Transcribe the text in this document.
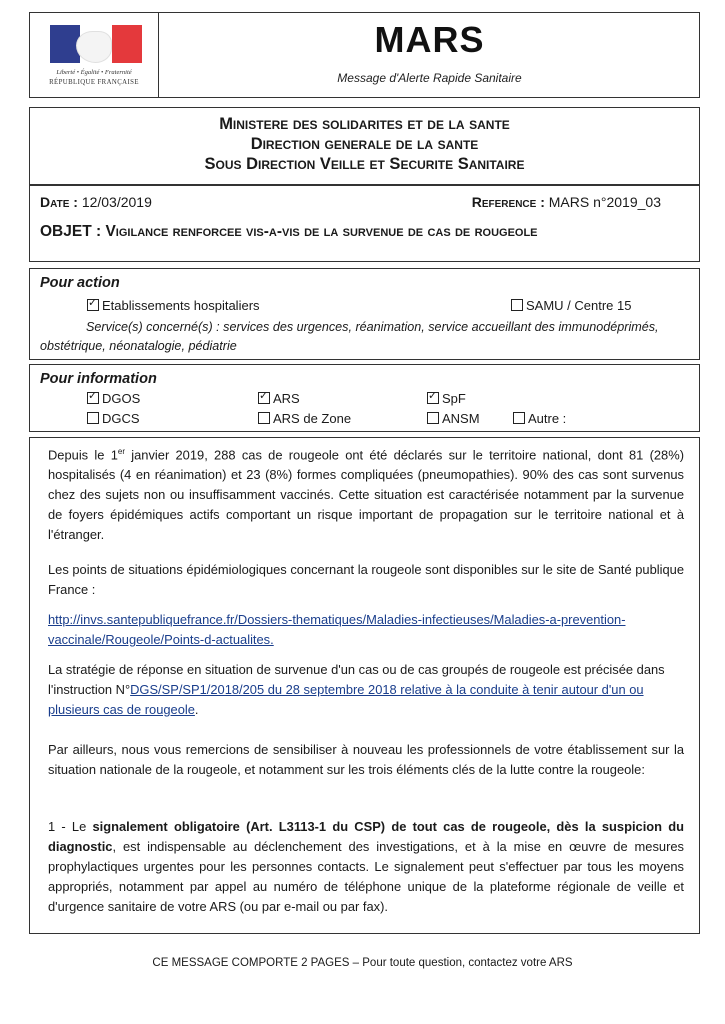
Liberté • Égalité • Fraternité
RÉPUBLIQUE FRANÇAISE
MARS
Message d'Alerte Rapide Sanitaire
Ministere des solidarites et de la sante
Direction generale de la sante
Sous Direction Veille et Securite Sanitaire
Date : 12/03/2019	Reference : MARS n°2019_03
OBJET : Vigilance renforcee vis-a-vis de la survenue de cas de rougeole
Pour action
✓Etablissements hospitaliers	SAMU / Centre 15
Service(s) concerné(s) : services des urgences, réanimation, service accueillant des immunodéprimés, obstétrique, néonatalogie, pédiatrie
Pour information
✓DGOS ✓	ARS ✓	SpF
DGCS	ARS de Zone	ANSM	Autre :
Depuis le 1er janvier 2019, 288 cas de rougeole ont été déclarés sur le territoire national, dont 81 (28%) hospitalisés (4 en réanimation) et 23 (8%) formes compliquées (pneumopathies). 90% des cas sont survenus chez des sujets non ou insuffisamment vaccinés. Cette situation est caractérisée notamment par la survenue de foyers épidémiques actifs comportant un risque important de propagation sur le territoire national et à l'étranger.
Les points de situations épidémiologiques concernant la rougeole sont disponibles sur le site de Santé publique France :
http://invs.santepubliquefrance.fr/Dossiers-thematiques/Maladies-infectieuses/Maladies-a-prevention-vaccinale/Rougeole/Points-d-actualites.
La stratégie de réponse en situation de survenue d'un cas ou de cas groupés de rougeole est précisée dans l'instruction N°DGS/SP/SP1/2018/205 du 28 septembre 2018 relative à la conduite à tenir autour d'un ou plusieurs cas de rougeole.
Par ailleurs, nous vous remercions de sensibiliser à nouveau les professionnels de votre établissement sur la situation nationale de la rougeole, et notamment sur les trois éléments clés de la lutte contre la rougeole:
1 - Le signalement obligatoire (Art. L3113-1 du CSP) de tout cas de rougeole, dès la suspicion du diagnostic, est indispensable au déclenchement des investigations, et à la mise en œuvre de mesures prophylactiques urgentes pour les personnes contacts. Le signalement peut s'effectuer par tous les moyens appropriés, notamment par appel au numéro de téléphone unique de la plateforme régionale de veille et d'urgence sanitaire de votre ARS (ou par e-mail ou par fax).
CE MESSAGE COMPORTE 2 PAGES – Pour toute question, contactez votre ARS
